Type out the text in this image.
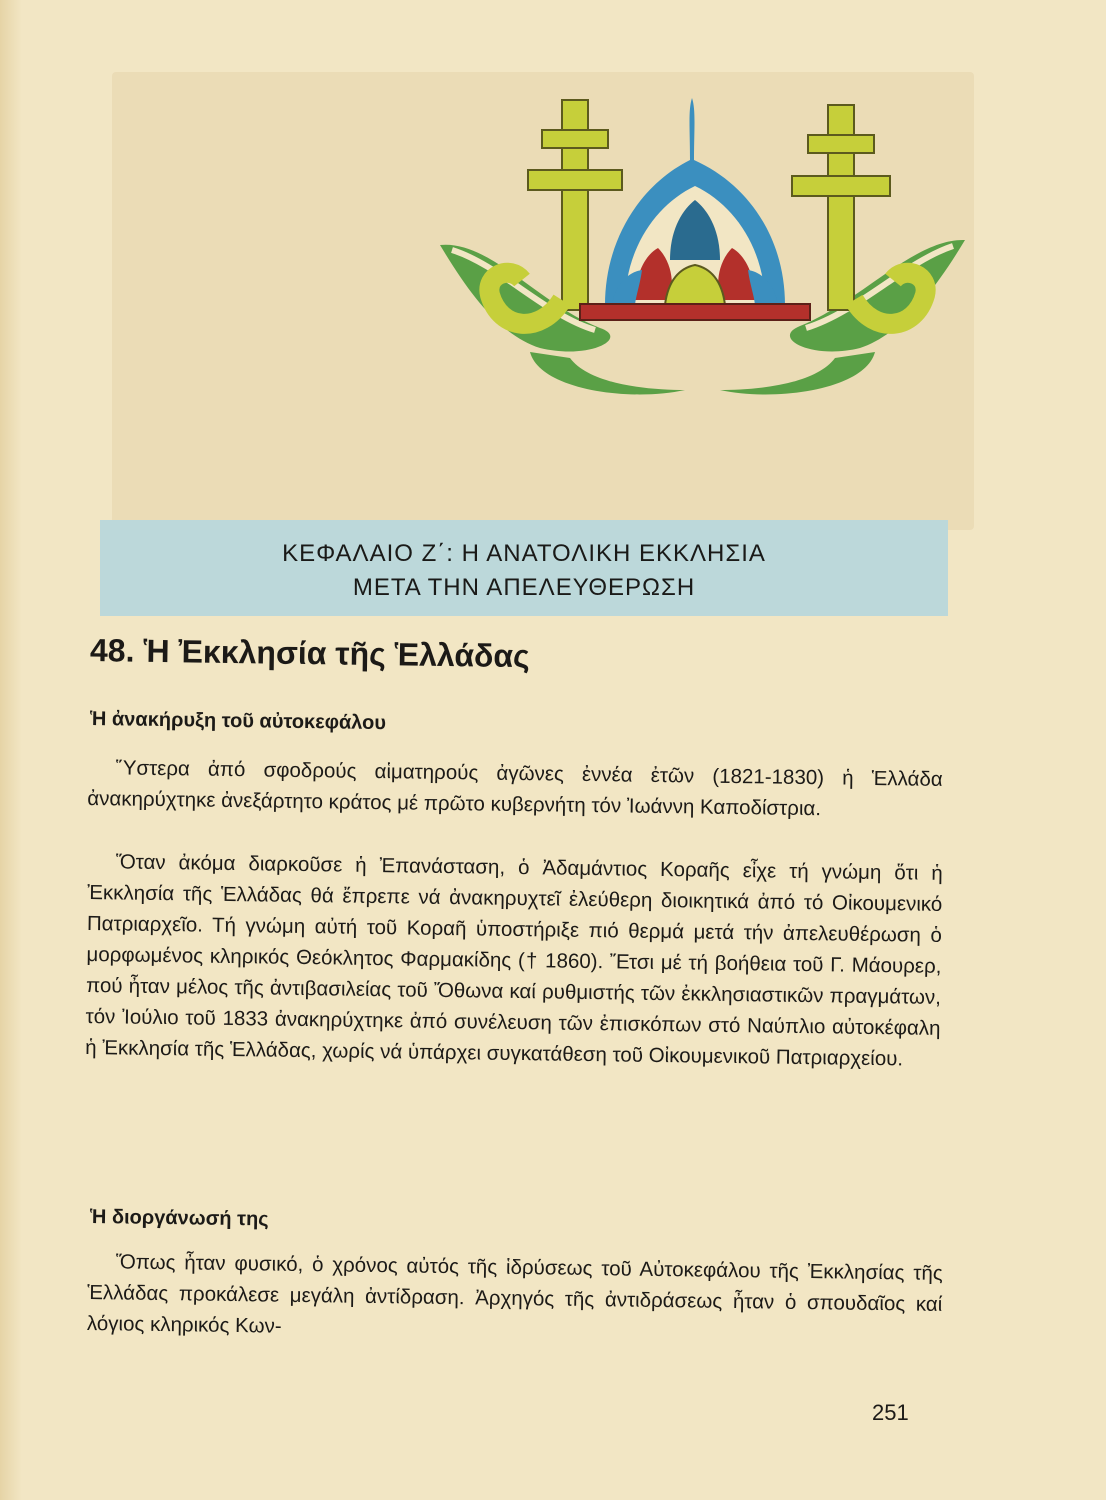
ΚΕΦΑΛΑΙΟ Ζ΄: Η ΑΝΑΤΟΛΙΚΗ ΕΚΚΛΗΣΙΑ
ΜΕΤΑ ΤΗΝ ΑΠΕΛΕΥΘΕΡΩΣΗ
48. Ἡ Ἐκκλησία τῆς Ἑλλάδας
Ἡ ἀνακήρυξη τοῦ αὐτοκεφάλου
Ὕστερα ἀπό σφοδρούς αἱματηρούς ἀγῶνες ἐννέα ἐτῶν (1821-1830) ἡ Ἑλλάδα ἀνακηρύχτηκε ἀνεξάρτητο κράτος μέ πρῶτο κυβερνήτη τόν Ἰωάννη Καποδίστρια.
Ὅταν ἀκόμα διαρκοῦσε ἡ Ἐπανάσταση, ὁ Ἀδαμάντιος Κοραῆς εἶχε τή γνώμη ὅτι ἡ Ἐκκλησία τῆς Ἑλλάδας θά ἔπρεπε νά ἀνακηρυχτεῖ ἐλεύθερη διοικητικά ἀπό τό Οἰκουμενικό Πατριαρχεῖο. Τή γνώμη αὐτή τοῦ Κοραῆ ὑποστήριξε πιό θερμά μετά τήν ἀπελευθέρωση ὁ μορφωμένος κληρικός Θεόκλητος Φαρμακίδης († 1860). Ἔτσι μέ τή βοήθεια τοῦ Γ. Μάουρερ, πού ἦταν μέλος τῆς ἀντιβασιλείας τοῦ Ὄθωνα καί ρυθμιστής τῶν ἐκκλησιαστικῶν πραγμάτων, τόν Ἰούλιο τοῦ 1833 ἀνακηρύχτηκε ἀπό συνέλευση τῶν ἐπισκόπων στό Ναύπλιο αὐτοκέφαλη ἡ Ἐκκλησία τῆς Ἑλλάδας, χωρίς νά ὑπάρχει συγκατάθεση τοῦ Οἰκουμενικοῦ Πατριαρχείου.
Ἡ διοργάνωσή της
Ὅπως ἦταν φυσικό, ὁ χρόνος αὐτός τῆς ἱδρύσεως τοῦ Αὐτοκεφάλου τῆς Ἐκκλησίας τῆς Ἑλλάδας προκάλεσε μεγάλη ἀντίδραση. Ἀρχηγός τῆς ἀντιδράσεως ἦταν ὁ σπουδαῖος καί λόγιος κληρικός Κων-
251
